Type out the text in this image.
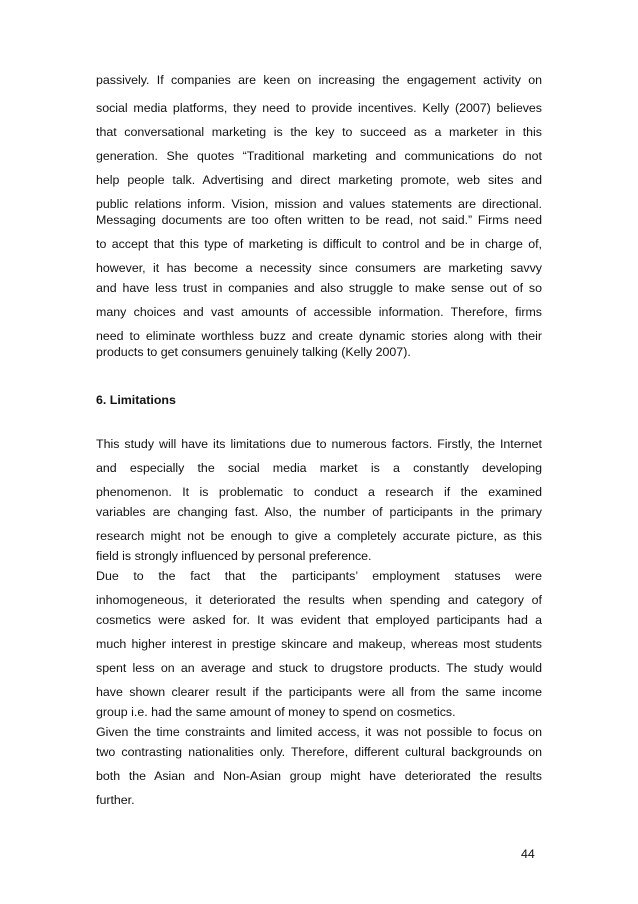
passively. If companies are keen on increasing the engagement activity on
social media platforms, they need to provide incentives. Kelly (2007) believes
that conversational marketing is the key to succeed as a marketer in this
generation. She quotes “Traditional marketing and communications do not
help people talk. Advertising and direct marketing promote, web sites and
public relations inform. Vision, mission and values statements are directional.
Messaging documents are too often written to be read, not said.” Firms need
to accept that this type of marketing is difficult to control and be in charge of,
however, it has become a necessity since consumers are marketing savvy
and have less trust in companies and also struggle to make sense out of so
many choices and vast amounts of accessible information. Therefore, firms
need to eliminate worthless buzz and create dynamic stories along with their
products to get consumers genuinely talking (Kelly 2007).
6. Limitations
This study will have its limitations due to numerous factors. Firstly, the Internet
and especially the social media market is a constantly developing
phenomenon. It is problematic to conduct a research if the examined
variables are changing fast. Also, the number of participants in the primary
research might not be enough to give a completely accurate picture, as this
field is strongly influenced by personal preference.
Due to the fact that the participants’ employment statuses were
inhomogeneous, it deteriorated the results when spending and category of
cosmetics were asked for. It was evident that employed participants had a
much higher interest in prestige skincare and makeup, whereas most students
spent less on an average and stuck to drugstore products. The study would
have shown clearer result if the participants were all from the same income
group i.e. had the same amount of money to spend on cosmetics.
Given the time constraints and limited access, it was not possible to focus on
two contrasting nationalities only. Therefore, different cultural backgrounds on
both the Asian and Non-Asian group might have deteriorated the results
further.
44
